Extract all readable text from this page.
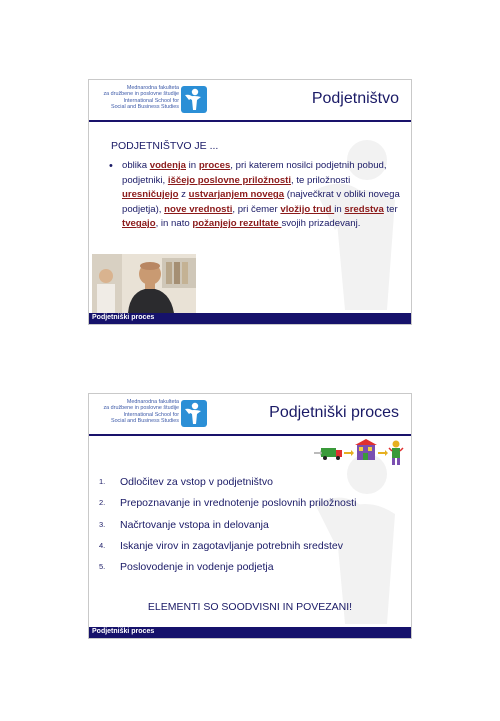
Mednarodna fakulteta
za družbene in poslovne študije
International School for
Social and Business Studies
Podjetništvo
PODJETNIŠTVO JE ...
• oblika vodenja in proces, pri katerem nosilci podjetnih pobud, podjetniki, iščejo poslovne priložnosti, te priložnosti uresničujejo z ustvarjanjem novega (največkrat v obliki novega podjetja), nove vrednosti, pri čemer vložijo trud in sredstva ter tvegajo, in nato požanjejo rezultate svojih prizadevanj.
Podjetniški proces
Mednarodna fakulteta
za družbene in poslovne študije
International School for
Social and Business Studies
Podjetniški proces
1. Odločitev za vstop v podjetništvo
2. Prepoznavanje in vrednotenje poslovnih priložnosti
3. Načrtovanje vstopa in delovanja
4. Iskanje virov in zagotavljanje potrebnih sredstev
5. Poslovodenje in vodenje podjetja
ELEMENTI SO SOODVISNI IN POVEZANI!
Podjetniški proces
